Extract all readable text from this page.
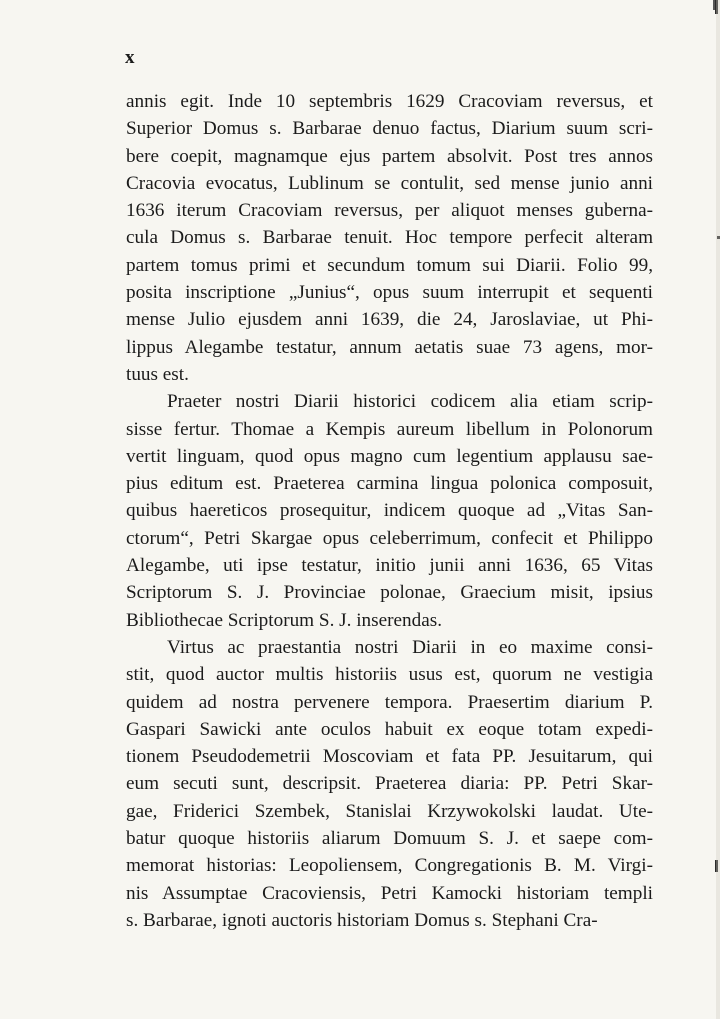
x
annis egit. Inde 10 septembris 1629 Cracoviam reversus, et
Superior Domus s. Barbarae denuo factus, Diarium suum scri-
bere coepit, magnamque ejus partem absolvit. Post tres annos
Cracovia evocatus, Lublinum se contulit, sed mense junio anni
1636 iterum Cracoviam reversus, per aliquot menses guberna-
cula Domus s. Barbarae tenuit. Hoc tempore perfecit alteram
partem tomus primi et secundum tomum sui Diarii. Folio 99,
posita inscriptione „Junius“, opus suum interrupit et sequenti
mense Julio ejusdem anni 1639, die 24, Jaroslaviae, ut Phi-
lippus Alegambe testatur, annum aetatis suae 73 agens, mor-
tuus est.
Praeter nostri Diarii historici codicem alia etiam scrip-
sisse fertur. Thomae a Kempis aureum libellum in Polonorum
vertit linguam, quod opus magno cum legentium applausu sae-
pius editum est. Praeterea carmina lingua polonica composuit,
quibus haereticos prosequitur, indicem quoque ad „Vitas San-
ctorum“, Petri Skargae opus celeberrimum, confecit et Philippo
Alegambe, uti ipse testatur, initio junii anni 1636, 65 Vitas
Scriptorum S. J. Provinciae polonae, Graecium misit, ipsius
Bibliothecae Scriptorum S. J. inserendas.
Virtus ac praestantia nostri Diarii in eo maxime consi-
stit, quod auctor multis historiis usus est, quorum ne vestigia
quidem ad nostra pervenere tempora. Praesertim diarium P.
Gaspari Sawicki ante oculos habuit ex eoque totam expedi-
tionem Pseudodemetrii Moscoviam et fata PP. Jesuitarum, qui
eum secuti sunt, descripsit. Praeterea diaria: PP. Petri Skar-
gae, Friderici Szembek, Stanislai Krzywokolski laudat. Ute-
batur quoque historiis aliarum Domuum S. J. et saepe com-
memorat historias: Leopoliensem, Congregationis B. M. Virgi-
nis Assumptae Cracoviensis, Petri Kamocki historiam templi
s. Barbarae, ignoti auctoris historiam Domus s. Stephani Cra-
